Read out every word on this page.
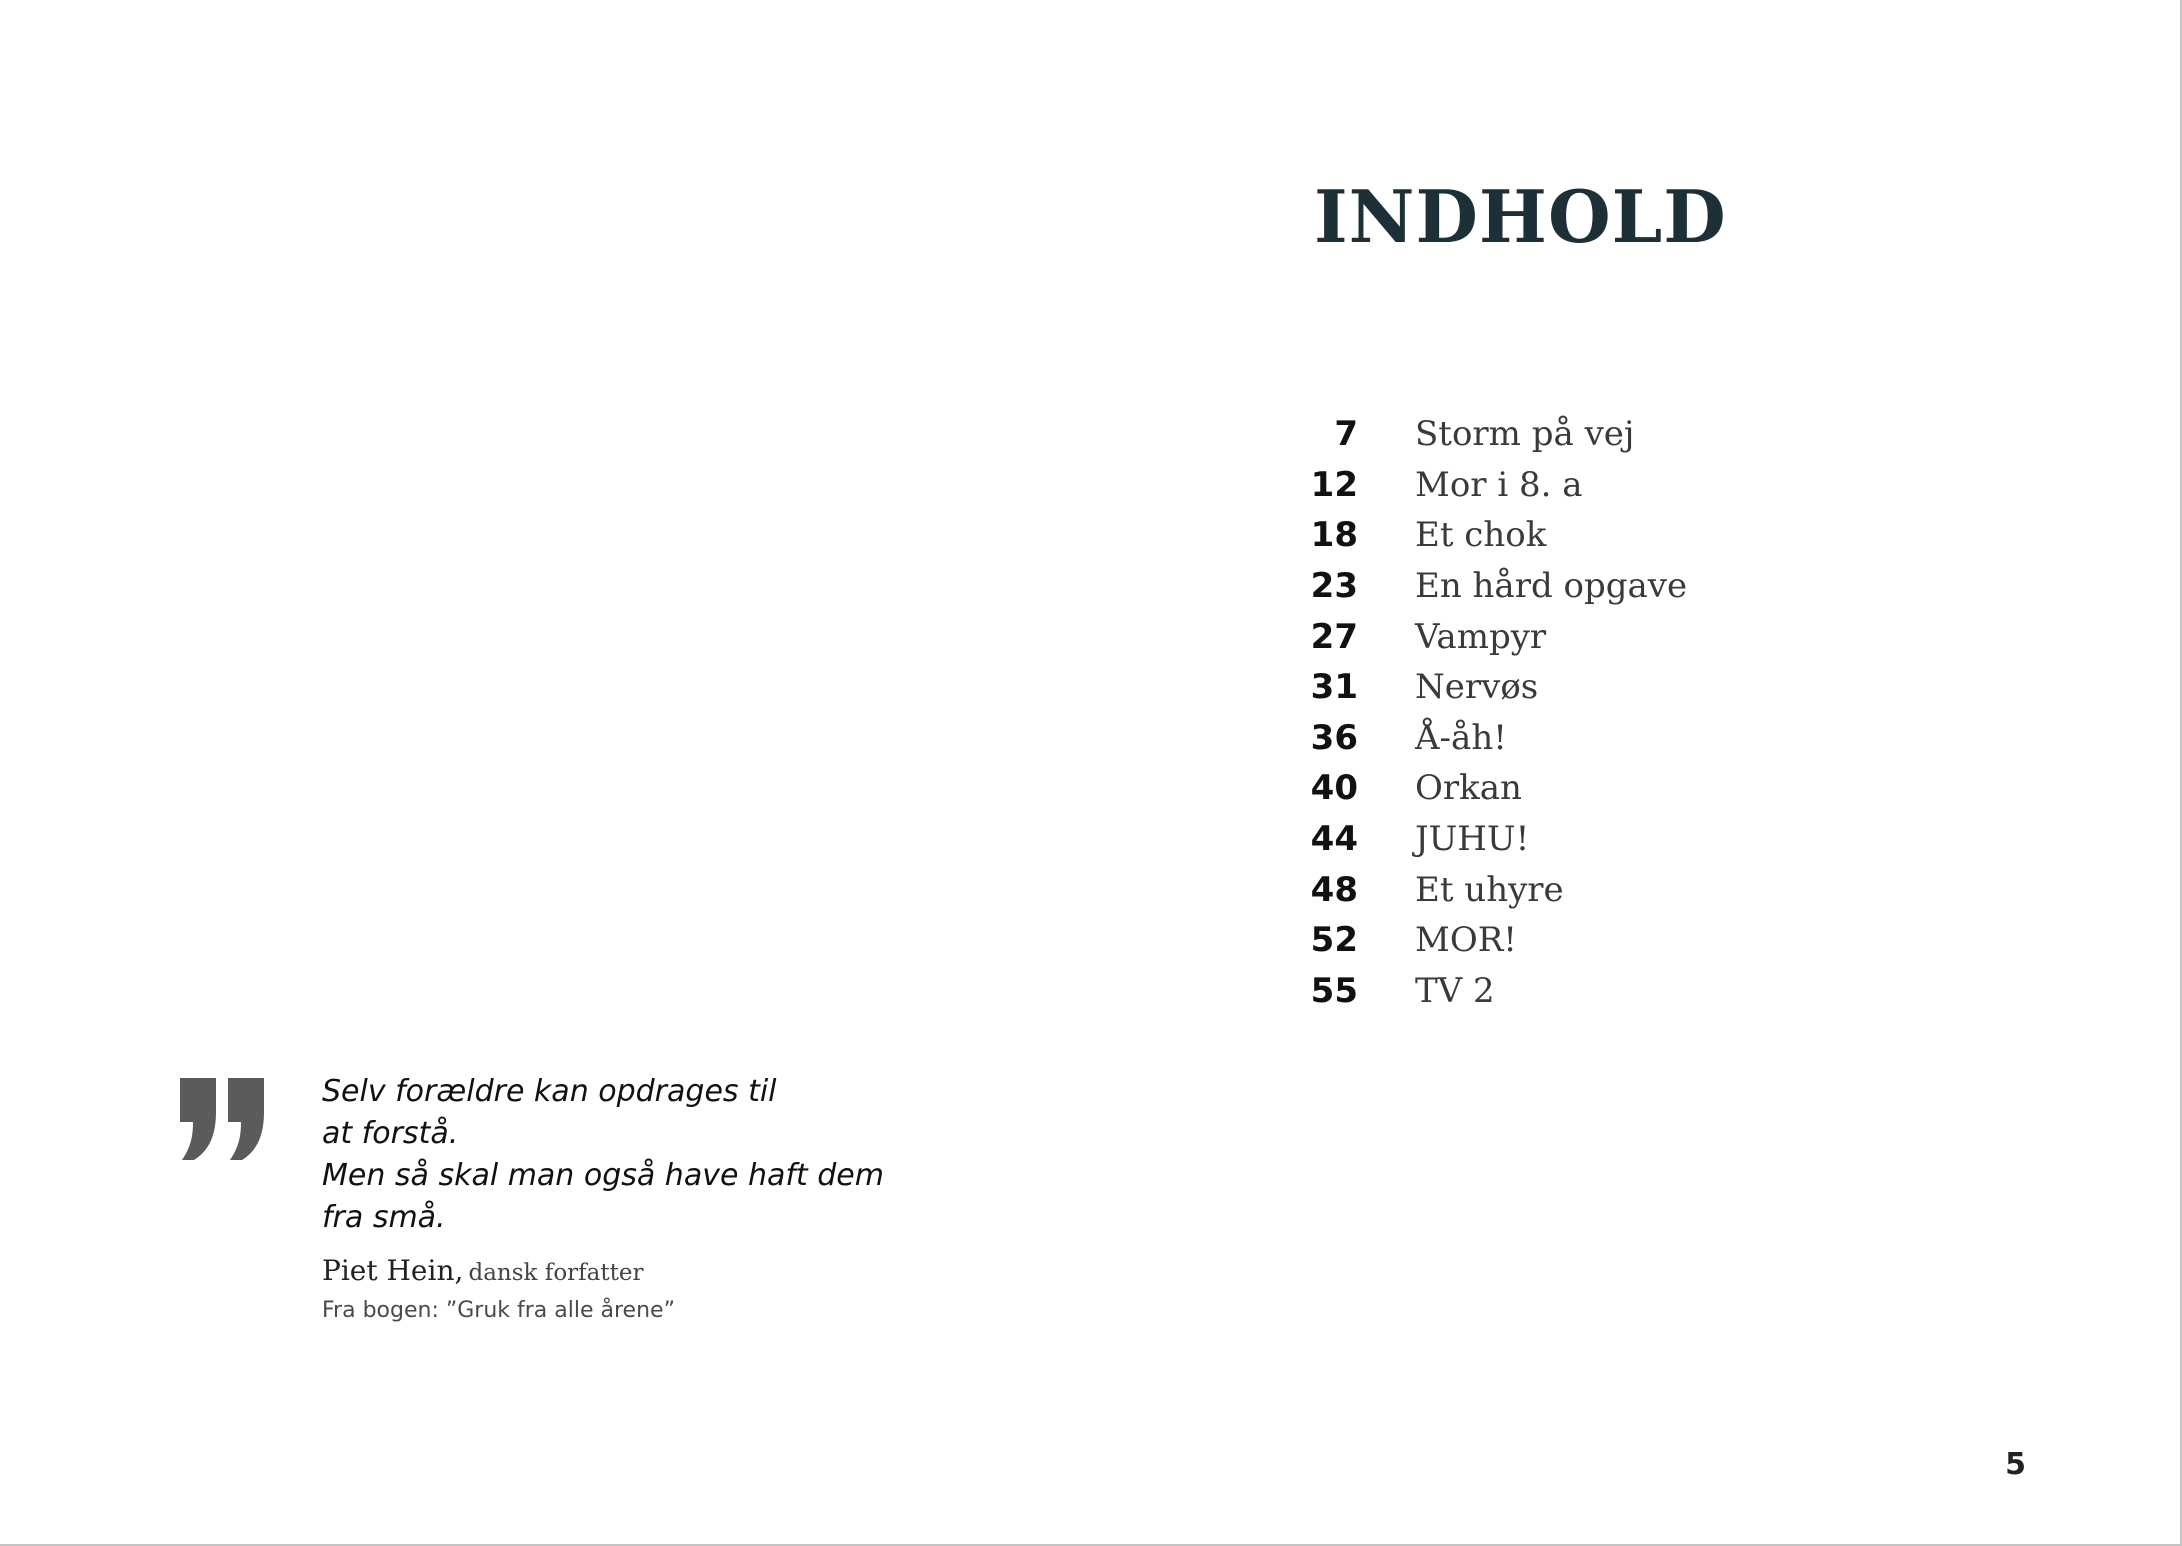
INDHOLD
7 Storm på vej
12 Mor i 8. a
18 Et chok
23 En hård opgave
27 Vampyr
31 Nervøs
36 Å-åh!
40 Orkan
44 JUHU!
48 Et uhyre
52 MOR!
55 TV 2
Selv forældre kan opdrages til
at forstå.
Men så skal man også have haft dem
fra små.
Piet Hein, dansk forfatter
Fra bogen: ”Gruk fra alle årene”
5
